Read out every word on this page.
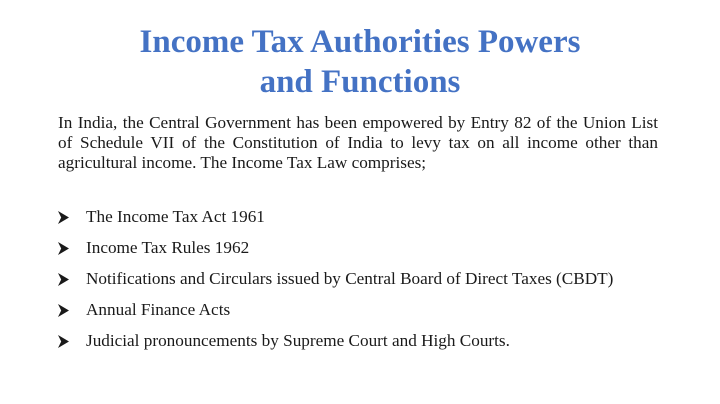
Income Tax Authorities Powers
and Functions

In India, the Central Government has been empowered by Entry 82 of the Union List of Schedule VII of the Constitution of India to levy tax on all income other than agricultural income. The Income Tax Law comprises;

The Income Tax Act 1961
Income Tax Rules 1962
Notifications and Circulars issued by Central Board of Direct Taxes (CBDT)
Annual Finance Acts
Judicial pronouncements by Supreme Court and High Courts.
